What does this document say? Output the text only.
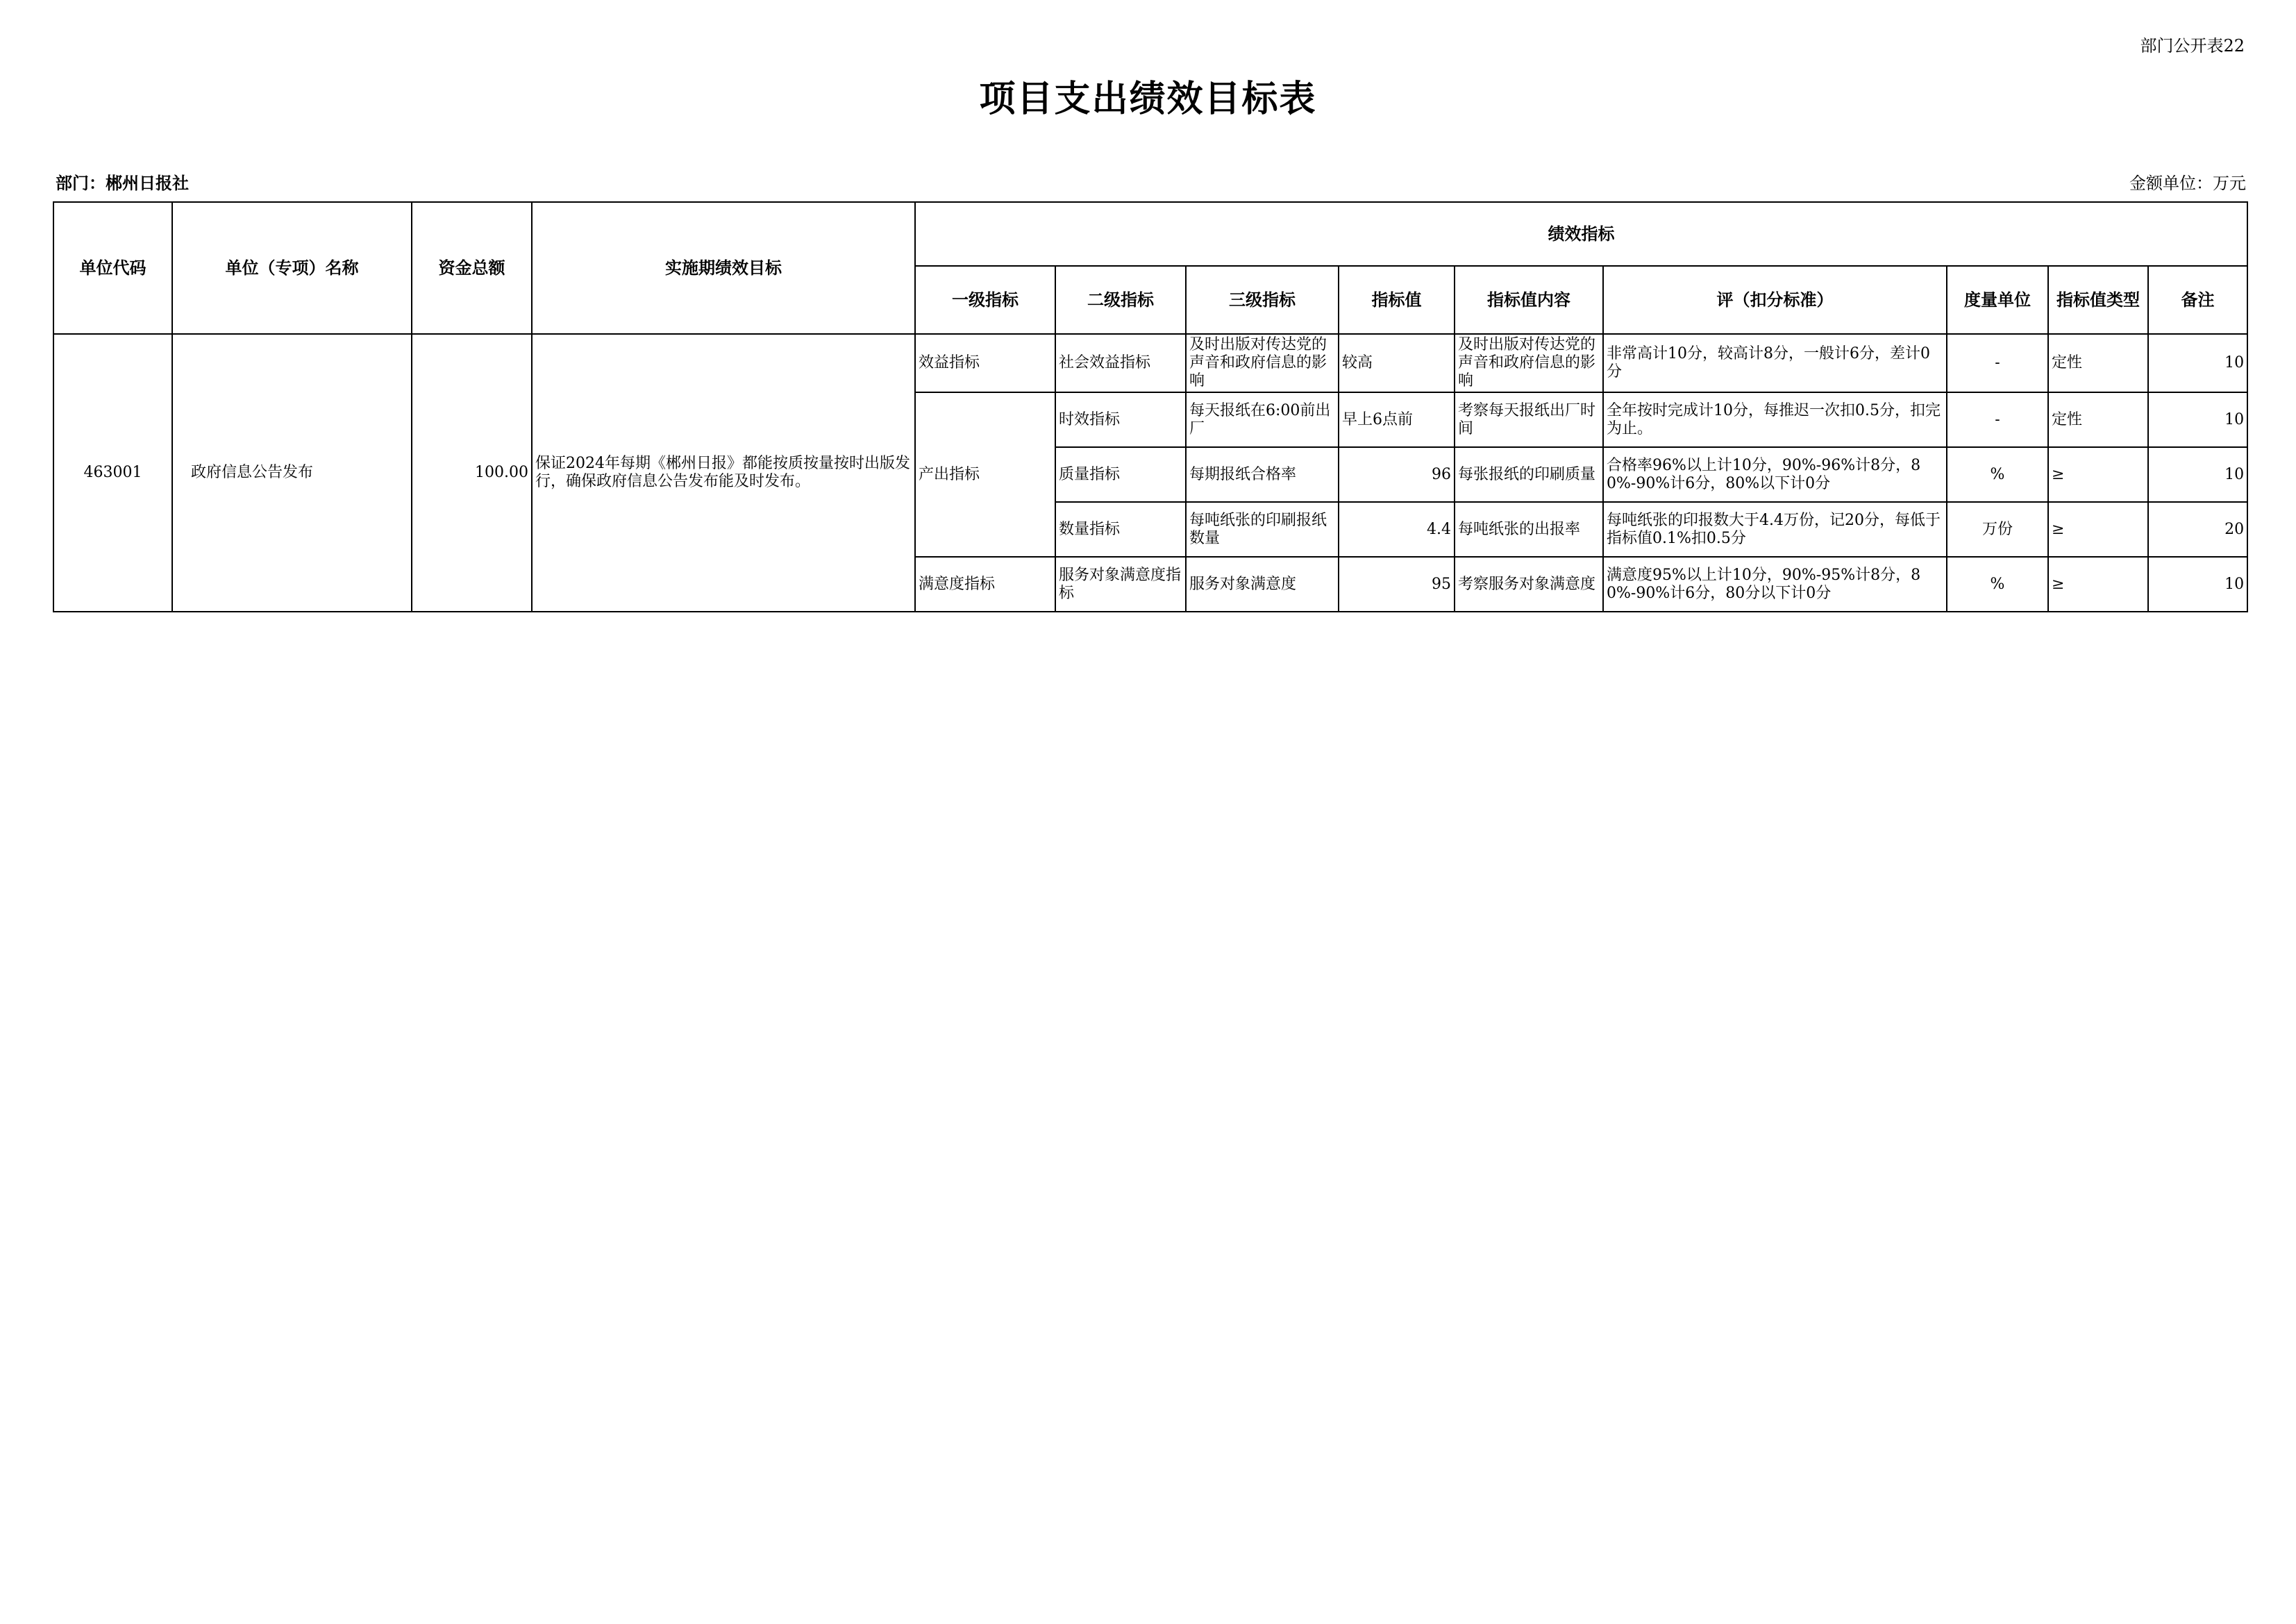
部门公开表22
项目支出绩效目标表
部门：郴州日报社	金额单位：万元
单位代码	单位（专项）名称	资金总额	实施期绩效目标	绩效指标								
				一级指标	二级指标	三级指标	指标值	指标值内容	评（扣分标准）	度量单位	指标值类型	备注
463001	政府信息公告发布	100.00	保证2024年每期《郴州日报》都能按质按量按时出版发行，确保政府信息公告发布能及时发布。	效益指标	社会效益指标	及时出版对传达党的声音和政府信息的影响	较高	及时出版对传达党的声音和政府信息的影响	非常高计10分，较高计8分，一般计6分，差计0分	-	定性	10
				产出指标	时效指标	每天报纸在6:00前出厂	早上6点前	考察每天报纸出厂时间	全年按时完成计10分，每推迟一次扣0.5分，扣完为止。	-	定性	10
					质量指标	每期报纸合格率	96	每张报纸的印刷质量	合格率96%以上计10分，90%-96%计8分，80%-90%计6分，80%以下计0分	%	≥	10
					数量指标	每吨纸张的印刷报纸数量	4.4	每吨纸张的出报率	每吨纸张的印报数大于4.4万份，记20分，每低于指标值0.1%扣0.5分	万份	≥	20
				满意度指标	服务对象满意度指标	服务对象满意度	95	考察服务对象满意度	满意度95%以上计10分，90%-95%计8分，80%-90%计6分，80分以下计0分	%	≥	10
